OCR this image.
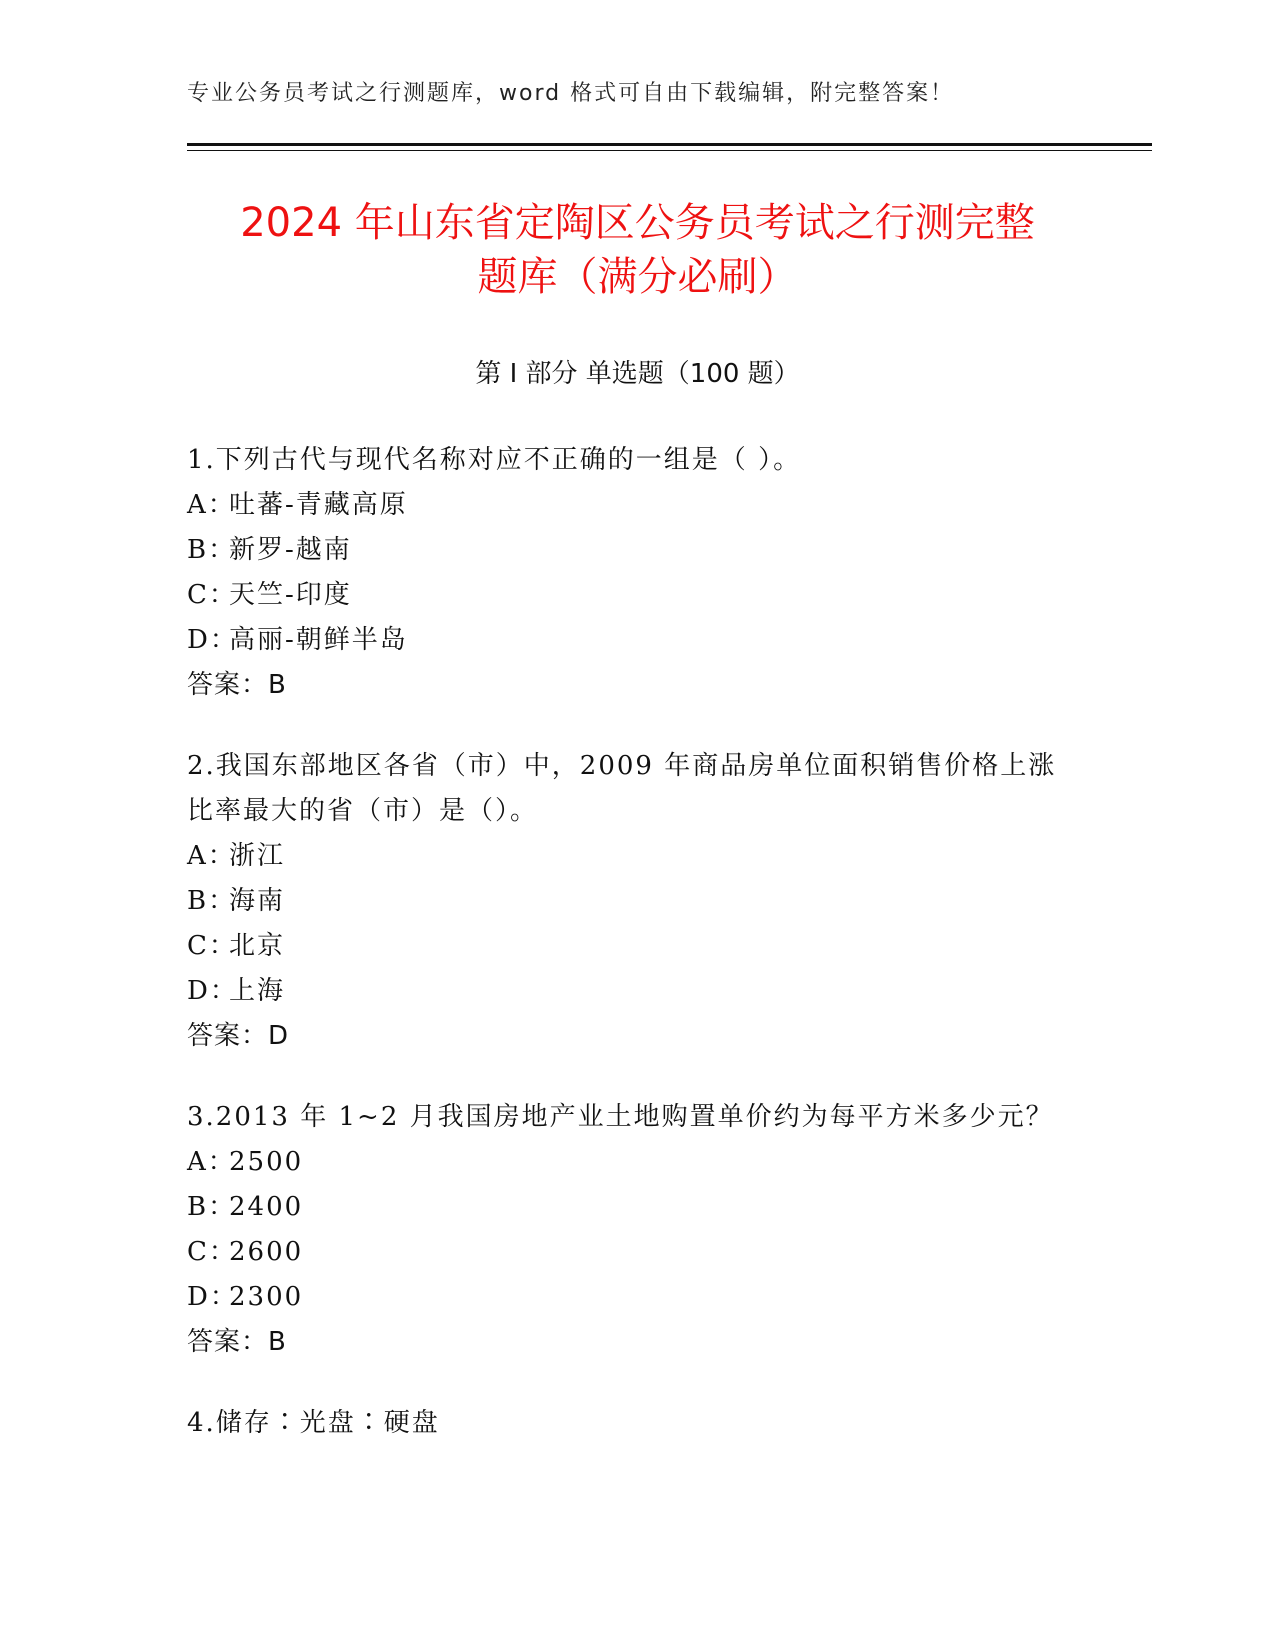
专业公务员考试之行测题库，word 格式可自由下载编辑，附完整答案！
2024 年山东省定陶区公务员考试之行测完整
题库（满分必刷）
第 I 部分 单选题（100 题）
1.下列古代与现代名称对应不正确的一组是（ ）。
A：吐蕃-青藏高原
B：新罗-越南
C：天竺-印度
D：高丽-朝鲜半岛
答案：B
2.我国东部地区各省（市）中，2009 年商品房单位面积销售价格上涨比率最大的省（市）是（）。
A：浙江
B：海南
C：北京
D：上海
答案：D
3.2013 年 1~2 月我国房地产业土地购置单价约为每平方米多少元？
A：2500
B：2400
C：2600
D：2300
答案：B
4.储存∶光盘∶硬盘
